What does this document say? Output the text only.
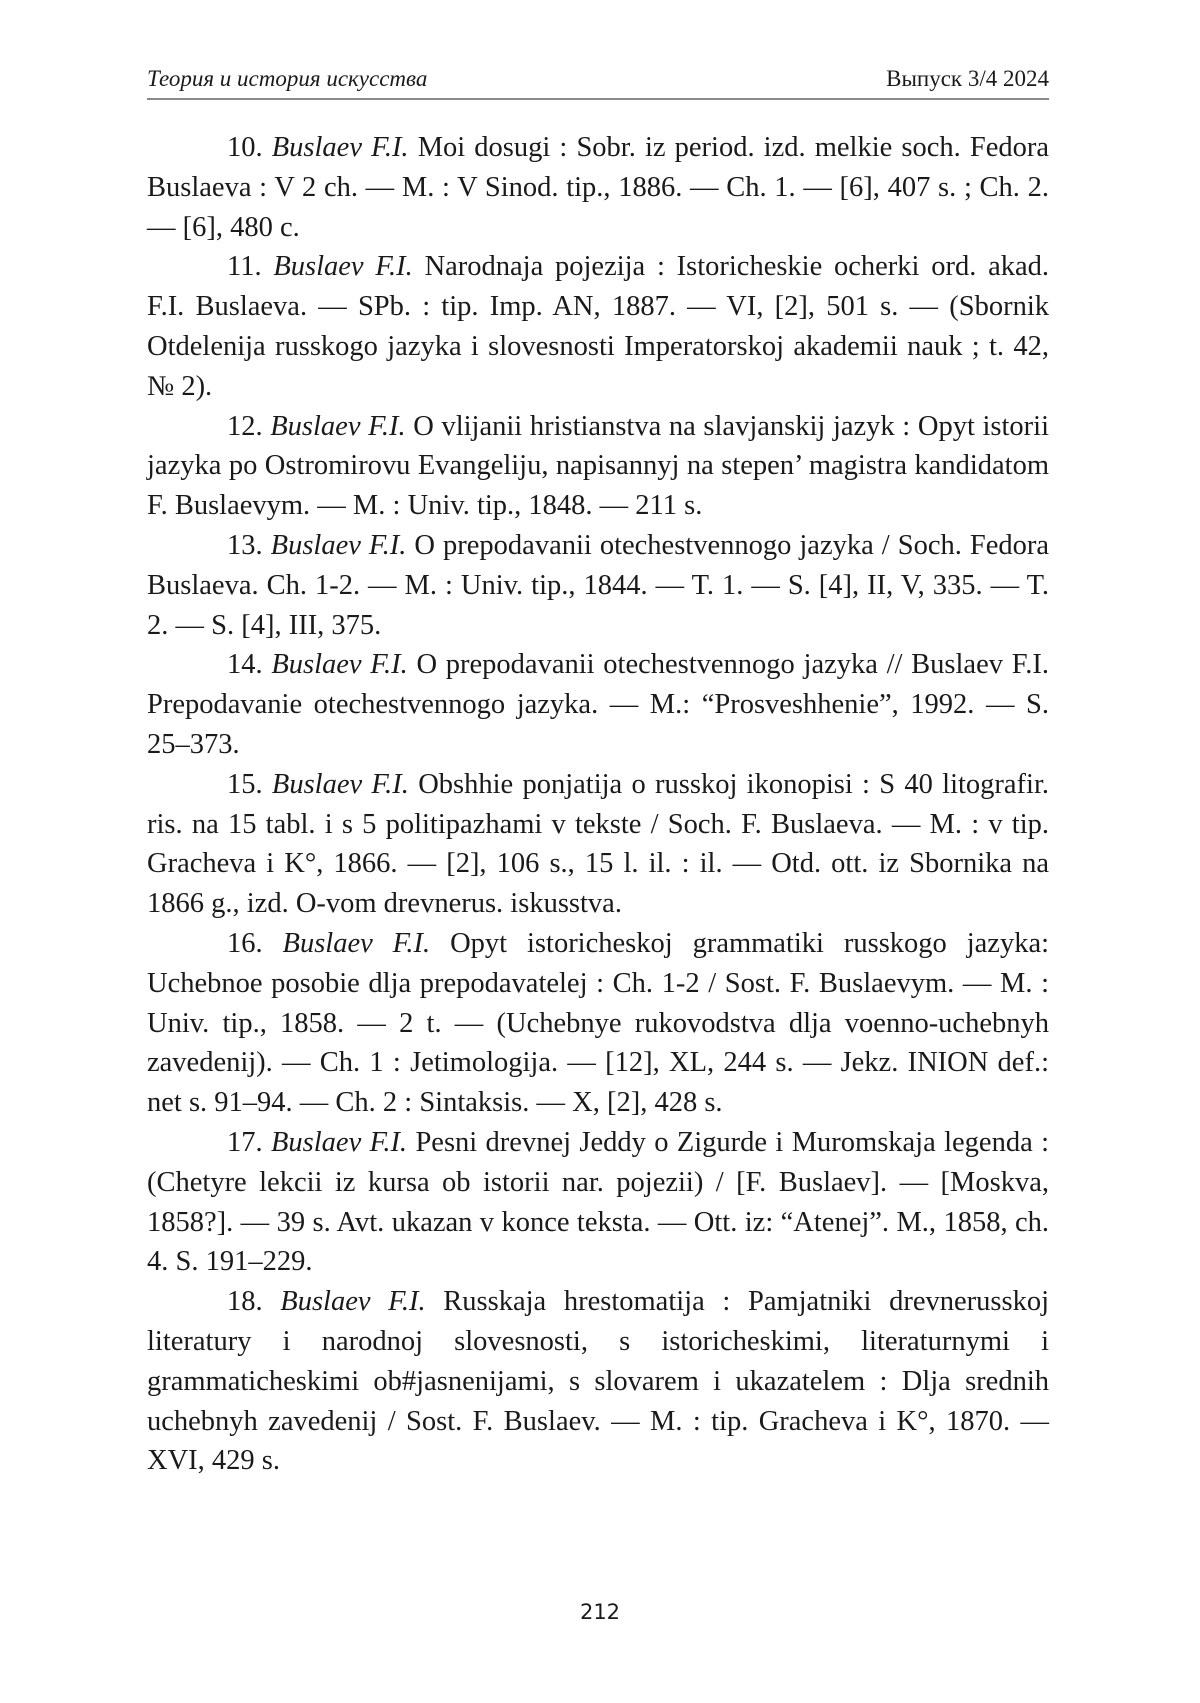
Теория и история искусства	Выпуск 3/4 2024

10. Buslaev F.I. Moi dosugi : Sobr. iz period. izd. melkie soch. Fedora Buslaeva : V 2 ch. — M. : V Sinod. tip., 1886. — Ch. 1. — [6], 407 s. ; Ch. 2. — [6], 480 c.

11. Buslaev F.I. Narodnaja pojezija : Istoricheskie ocherki ord. akad. F.I. Buslaeva. — SPb. : tip. Imp. AN, 1887. — VI, [2], 501 s. — (Sbornik Otdelenija russkogo jazyka i slovesnosti Imperatorskoj akademii nauk ; t. 42, № 2).

12. Buslaev F.I. O vlijanii hristianstva na slavjanskij jazyk : Opyt istorii jazyka po Ostromirovu Evangeliju, napisannyj na stepen’ magistra kandidatom F. Buslaevym. — M. : Univ. tip., 1848. — 211 s.

13. Buslaev F.I. O prepodavanii otechestvennogo jazyka / Soch. Fedora Buslaeva. Ch. 1-2. — M. : Univ. tip., 1844. — T. 1. — S. [4], II, V, 335. — T. 2. — S. [4], III, 375.

14. Buslaev F.I. O prepodavanii otechestvennogo jazyka // Buslaev F.I. Prepodavanie otechestvennogo jazyka. — M.: “Prosveshhenie”, 1992. — S. 25–373.

15. Buslaev F.I. Obshhie ponjatija o russkoj ikonopisi : S 40 litografir. ris. na 15 tabl. i s 5 politipazhami v tekste / Soch. F. Buslaeva. — M. : v tip. Gracheva i K°, 1866. — [2], 106 s., 15 l. il. : il. — Otd. ott. iz Sbornika na 1866 g., izd. O-vom drevnerus. iskusstva.

16. Buslaev F.I. Opyt istoricheskoj grammatiki russkogo jazyka: Uchebnoe posobie dlja prepodavatelej : Ch. 1-2 / Sost. F. Buslaevym. — M. : Univ. tip., 1858. — 2 t. — (Uchebnye rukovodstva dlja voenno-uchebnyh zavedenij). — Ch. 1 : Jetimologija. — [12], XL, 244 s. — Jekz. INION def.: net s. 91–94. — Ch. 2 : Sintaksis. — X, [2], 428 s.

17. Buslaev F.I. Pesni drevnej Jeddy o Zigurde i Muromskaja legenda : (Chetyre lekcii iz kursa ob istorii nar. pojezii) / [F. Buslaev]. — [Moskva, 1858?]. — 39 s. Avt. ukazan v konce teksta. — Ott. iz: “Atenej”. M., 1858, ch. 4. S. 191–229.

18. Buslaev F.I. Russkaja hrestomatija : Pamjatniki drevnerusskoj literatury i narodnoj slovesnosti, s istoricheskimi, literaturnymi i grammaticheskimi ob#jasnenijami, s slovarem i ukazatelem : Dlja srednih uchebnyh zavedenij / Sost. F. Buslaev. — M. : tip. Gracheva i K°, 1870. — XVI, 429 s.

212
